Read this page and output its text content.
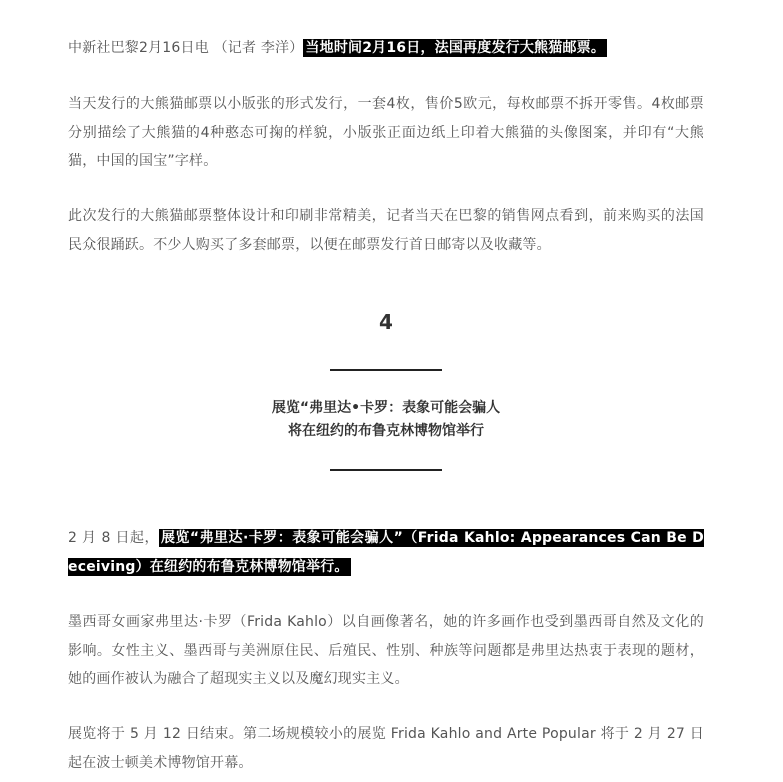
中新社巴黎2月16日电 （记者 李洋） 当地时间2月16日，法国再度发行大熊猫邮票。

当天发行的大熊猫邮票以小版张的形式发行，一套4枚，售价5欧元，每枚邮票不拆开零售。4枚邮票分别描绘了大熊猫的4种憨态可掬的样貌，小版张正面边纸上印着大熊猫的头像图案，并印有“大熊猫，中国的国宝”字样。

此次发行的大熊猫邮票整体设计和印刷非常精美，记者当天在巴黎的销售网点看到，前来购买的法国民众很踊跃。不少人购买了多套邮票，以便在邮票发行首日邮寄以及收藏等。

4
展览“弗里达•卡罗：表象可能会骗人
将在纽约的布鲁克林博物馆举行

2 月 8 日起， 展览“弗里达·卡罗：表象可能会骗人”（Frida Kahlo: Appearances Can Be Deceiving）在纽约的布鲁克林博物馆举行。

墨西哥女画家弗里达·卡罗（Frida Kahlo）以自画像著名，她的许多画作也受到墨西哥自然及文化的影响。女性主义、墨西哥与美洲原住民、后殖民、性别、种族等问题都是弗里达热衷于表现的题材，她的画作被认为融合了超现实主义以及魔幻现实主义。

展览将于 5 月 12 日结束。第二场规模较小的展览 Frida Kahlo and Arte Popular 将于 2 月 27 日起在波士顿美术博物馆开幕。
